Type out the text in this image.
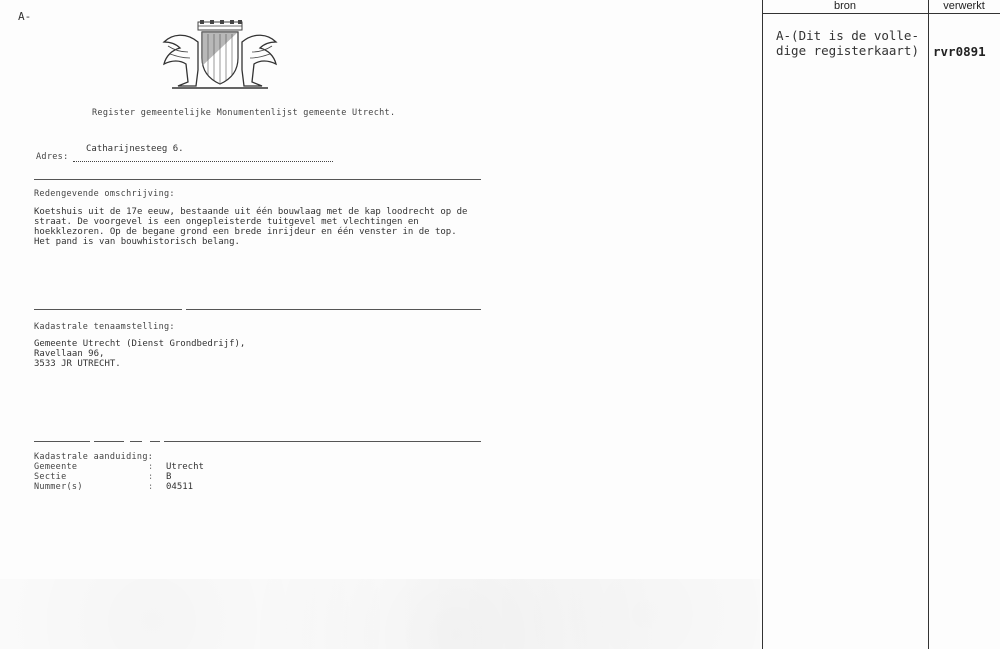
A-
Register gemeentelijke Monumentenlijst gemeente Utrecht.
Adres:
Catharijnesteeg 6.
Redengevende omschrijving:
Koetshuis uit de 17e eeuw, bestaande uit één bouwlaag met de kap loodrecht op de
straat. De voorgevel is een ongepleisterde tuitgevel met vlechtingen en
hoekklezoren. Op de begane grond een brede inrijdeur en één venster in de top.
Het pand is van bouwhistorisch belang.
Kadastrale tenaamstelling:
Gemeente Utrecht (Dienst Grondbedrijf),
Ravellaan 96,
3533 JR UTRECHT.
Kadastrale aanduiding:
Gemeente
Sectie
Nummer(s)

:
:
:

Utrecht
B
04511
bron	verwerkt
A-(Dit is de volle-
dige registerkaart) rvr0891
